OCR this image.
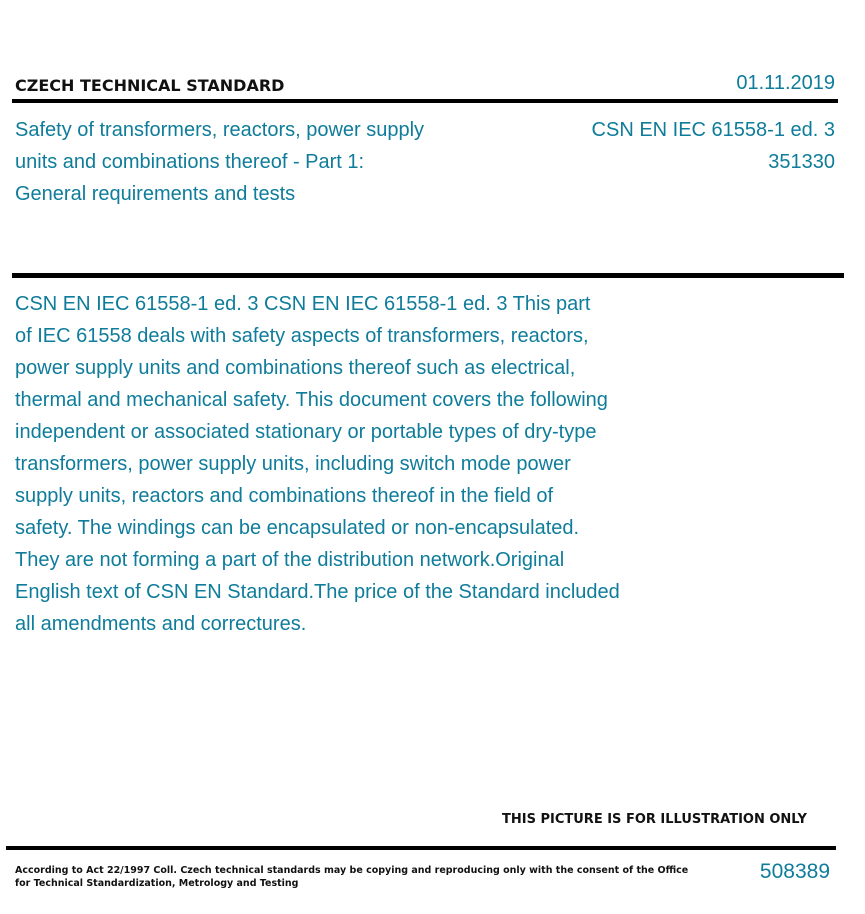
CZECH TECHNICAL STANDARD	01.11.2019
Safety of transformers, reactors, power supply
units and combinations thereof - Part 1:
General requirements and tests
CSN EN IEC 61558-1 ed. 3
351330
CSN EN IEC 61558-1 ed. 3 CSN EN IEC 61558-1 ed. 3 This part
of IEC 61558 deals with safety aspects of transformers, reactors,
power supply units and combinations thereof such as electrical,
thermal and mechanical safety. This document covers the following
independent or associated stationary or portable types of dry-type
transformers, power supply units, including switch mode power
supply units, reactors and combinations thereof in the field of
safety. The windings can be encapsulated or non-encapsulated.
They are not forming a part of the distribution network.Original
English text of CSN EN Standard.The price of the Standard included
all amendments and correctures.
THIS PICTURE IS FOR ILLUSTRATION ONLY
According to Act 22/1997 Coll. Czech technical standards may be copying and reproducing only with the consent of the Office
for Technical Standardization, Metrology and Testing
508389
